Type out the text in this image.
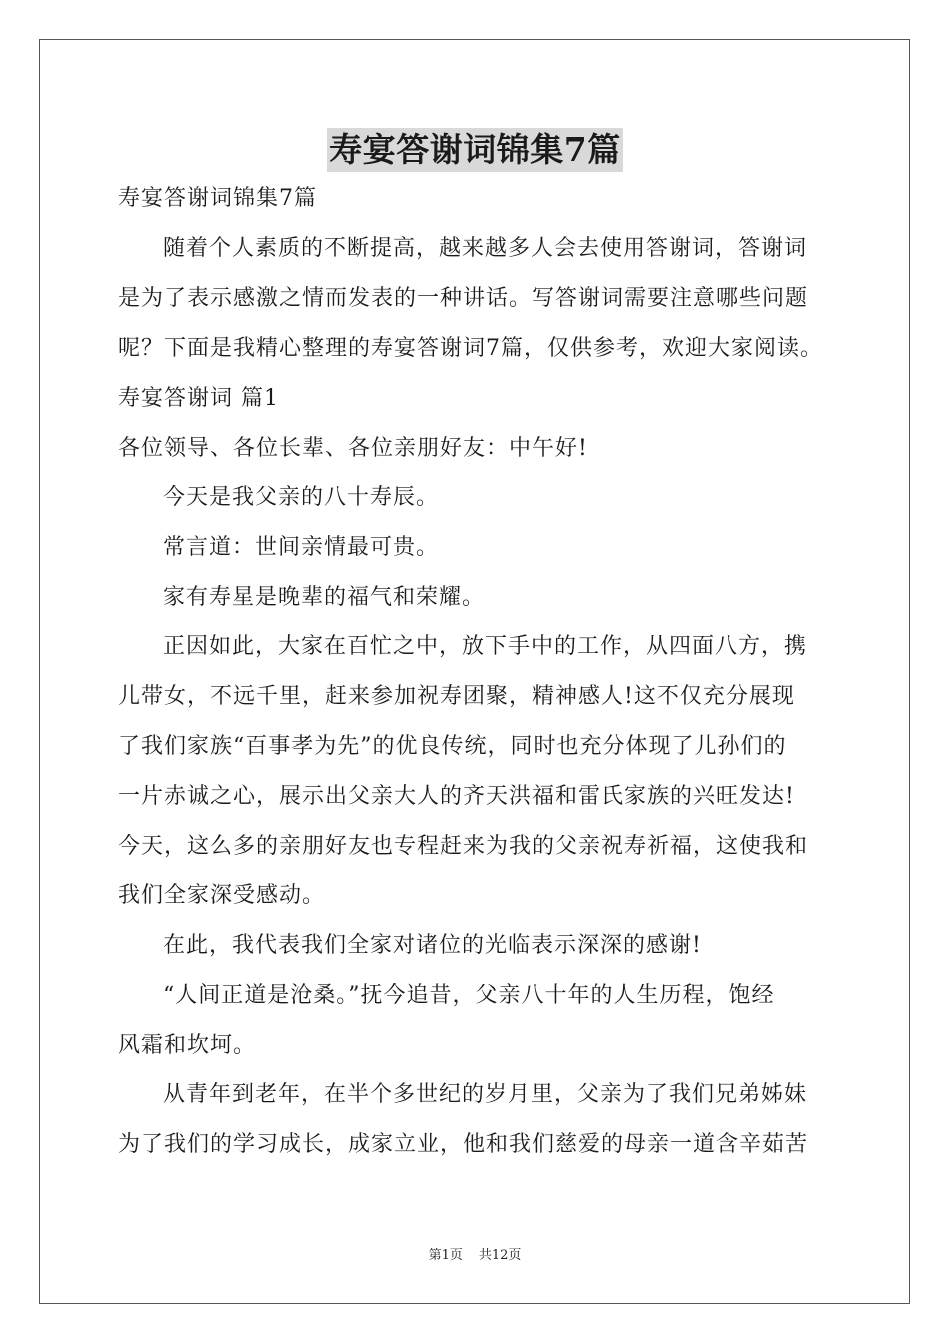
寿宴答谢词锦集7篇
寿宴答谢词锦集7篇
随着个人素质的不断提高，越来越多人会去使用答谢词，答谢词
是为了表示感激之情而发表的一种讲话。写答谢词需要注意哪些问题
呢？下面是我精心整理的寿宴答谢词7篇，仅供参考，欢迎大家阅读。
寿宴答谢词 篇1
各位领导、各位长辈、各位亲朋好友：中午好!
今天是我父亲的八十寿辰。
常言道：世间亲情最可贵。
家有寿星是晚辈的福气和荣耀。
正因如此，大家在百忙之中，放下手中的工作，从四面八方，携
儿带女，不远千里，赶来参加祝寿团聚，精神感人!这不仅充分展现
了我们家族“百事孝为先”的优良传统，同时也充分体现了儿孙们的
一片赤诚之心，展示出父亲大人的齐天洪福和雷氏家族的兴旺发达!
今天，这么多的亲朋好友也专程赶来为我的父亲祝寿祈福，这使我和
我们全家深受感动。
在此，我代表我们全家对诸位的光临表示深深的感谢!
“人间正道是沧桑。”抚今追昔，父亲八十年的人生历程，饱经
风霜和坎坷。
从青年到老年，在半个多世纪的岁月里，父亲为了我们兄弟姊妹
为了我们的学习成长，成家立业，他和我们慈爱的母亲一道含辛茹苦
第1页 共12页
